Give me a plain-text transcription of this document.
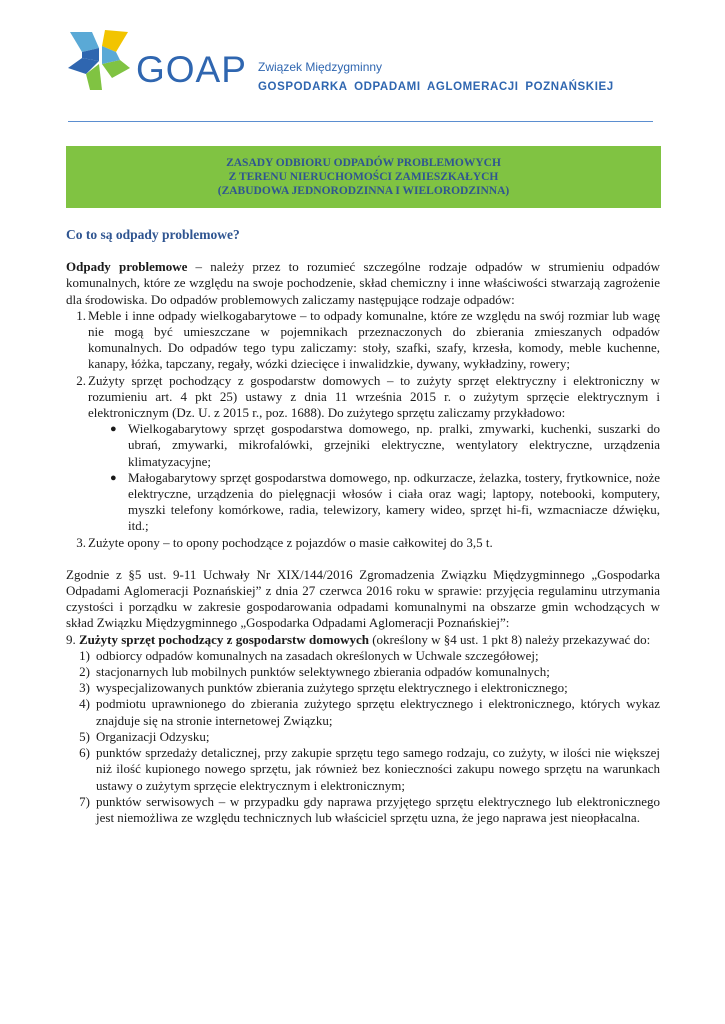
GOAP Związek Międzygminny
GOSPODARKA ODPADAMI AGLOMERACJI POZNAŃSKIEJ
ZASADY ODBIORU ODPADÓW PROBLEMOWYCH
Z TERENU NIERUCHOMOŚCI ZAMIESZKAŁYCH
(ZABUDOWA JEDNORODZINNA I WIELORODZINNA)
Co to są odpady problemowe?

Odpady problemowe – należy przez to rozumieć szczególne rodzaje odpadów w strumieniu odpadów komunalnych, które ze względu na swoje pochodzenie, skład chemiczny i inne właściwości stwarzają zagrożenie dla środowiska. Do odpadów problemowych zaliczamy następujące rodzaje odpadów:

1. Meble i inne odpady wielkogabarytowe – to odpady komunalne, które ze względu na swój rozmiar lub wagę nie mogą być umieszczane w pojemnikach przeznaczonych do zbierania zmieszanych odpadów komunalnych. Do odpadów tego typu zaliczamy: stoły, szafki, szafy, krzesła, komody, meble kuchenne, kanapy, łóżka, tapczany, regały, wózki dziecięce i inwalidzkie, dywany, wykładziny, rowery;
2. Zużyty sprzęt pochodzący z gospodarstw domowych – to zużyty sprzęt elektryczny i elektroniczny w rozumieniu art. 4 pkt 25) ustawy z dnia 11 września 2015 r. o zużytym sprzęcie elektrycznym i elektronicznym (Dz. U. z 2015 r., poz. 1688). Do zużytego sprzętu zaliczamy przykładowo:
● Wielkogabarytowy sprzęt gospodarstwa domowego, np. pralki, zmywarki, kuchenki, suszarki do ubrań, zmywarki, mikrofalówki, grzejniki elektryczne, wentylatory elektryczne, urządzenia klimatyzacyjne;
● Małogabarytowy sprzęt gospodarstwa domowego, np. odkurzacze, żelazka, tostery, frytkownice, noże elektryczne, urządzenia do pielęgnacji włosów i ciała oraz wagi; laptopy, notebooki, komputery, myszki telefony komórkowe, radia, telewizory, kamery wideo, sprzęt hi-fi, wzmacniacze dźwięku, itd.;
3. Zużyte opony – to opony pochodzące z pojazdów o masie całkowitej do 3,5 t.

Zgodnie z §5 ust. 9-11 Uchwały Nr XIX/144/2016 Zgromadzenia Związku Międzygminnego „Gospodarka Odpadami Aglomeracji Poznańskiej” z dnia 27 czerwca 2016 roku w sprawie: przyjęcia regulaminu utrzymania czystości i porządku w zakresie gospodarowania odpadami komunalnymi na obszarze gmin wchodzących w skład Związku Międzygminnego „Gospodarka Odpadami Aglomeracji Poznańskiej”:

9. Zużyty sprzęt pochodzący z gospodarstw domowych (określony w §4 ust. 1 pkt 8) należy przekazywać do:

1) odbiorcy odpadów komunalnych na zasadach określonych w Uchwale szczegółowej;
2) stacjonarnych lub mobilnych punktów selektywnego zbierania odpadów komunalnych;
3) wyspecjalizowanych punktów zbierania zużytego sprzętu elektrycznego i elektronicznego;
4) podmiotu uprawnionego do zbierania zużytego sprzętu elektrycznego i elektronicznego, których wykaz znajduje się na stronie internetowej Związku;
5) Organizacji Odzysku;
6) punktów sprzedaży detalicznej, przy zakupie sprzętu tego samego rodzaju, co zużyty, w ilości nie większej niż ilość kupionego nowego sprzętu, jak również bez konieczności zakupu nowego sprzętu na warunkach ustawy o zużytym sprzęcie elektrycznym i elektronicznym;
7) punktów serwisowych – w przypadku gdy naprawa przyjętego sprzętu elektrycznego lub elektronicznego jest niemożliwa ze względu technicznych lub właściciel sprzętu uzna, że jego naprawa jest nieopłacalna.
